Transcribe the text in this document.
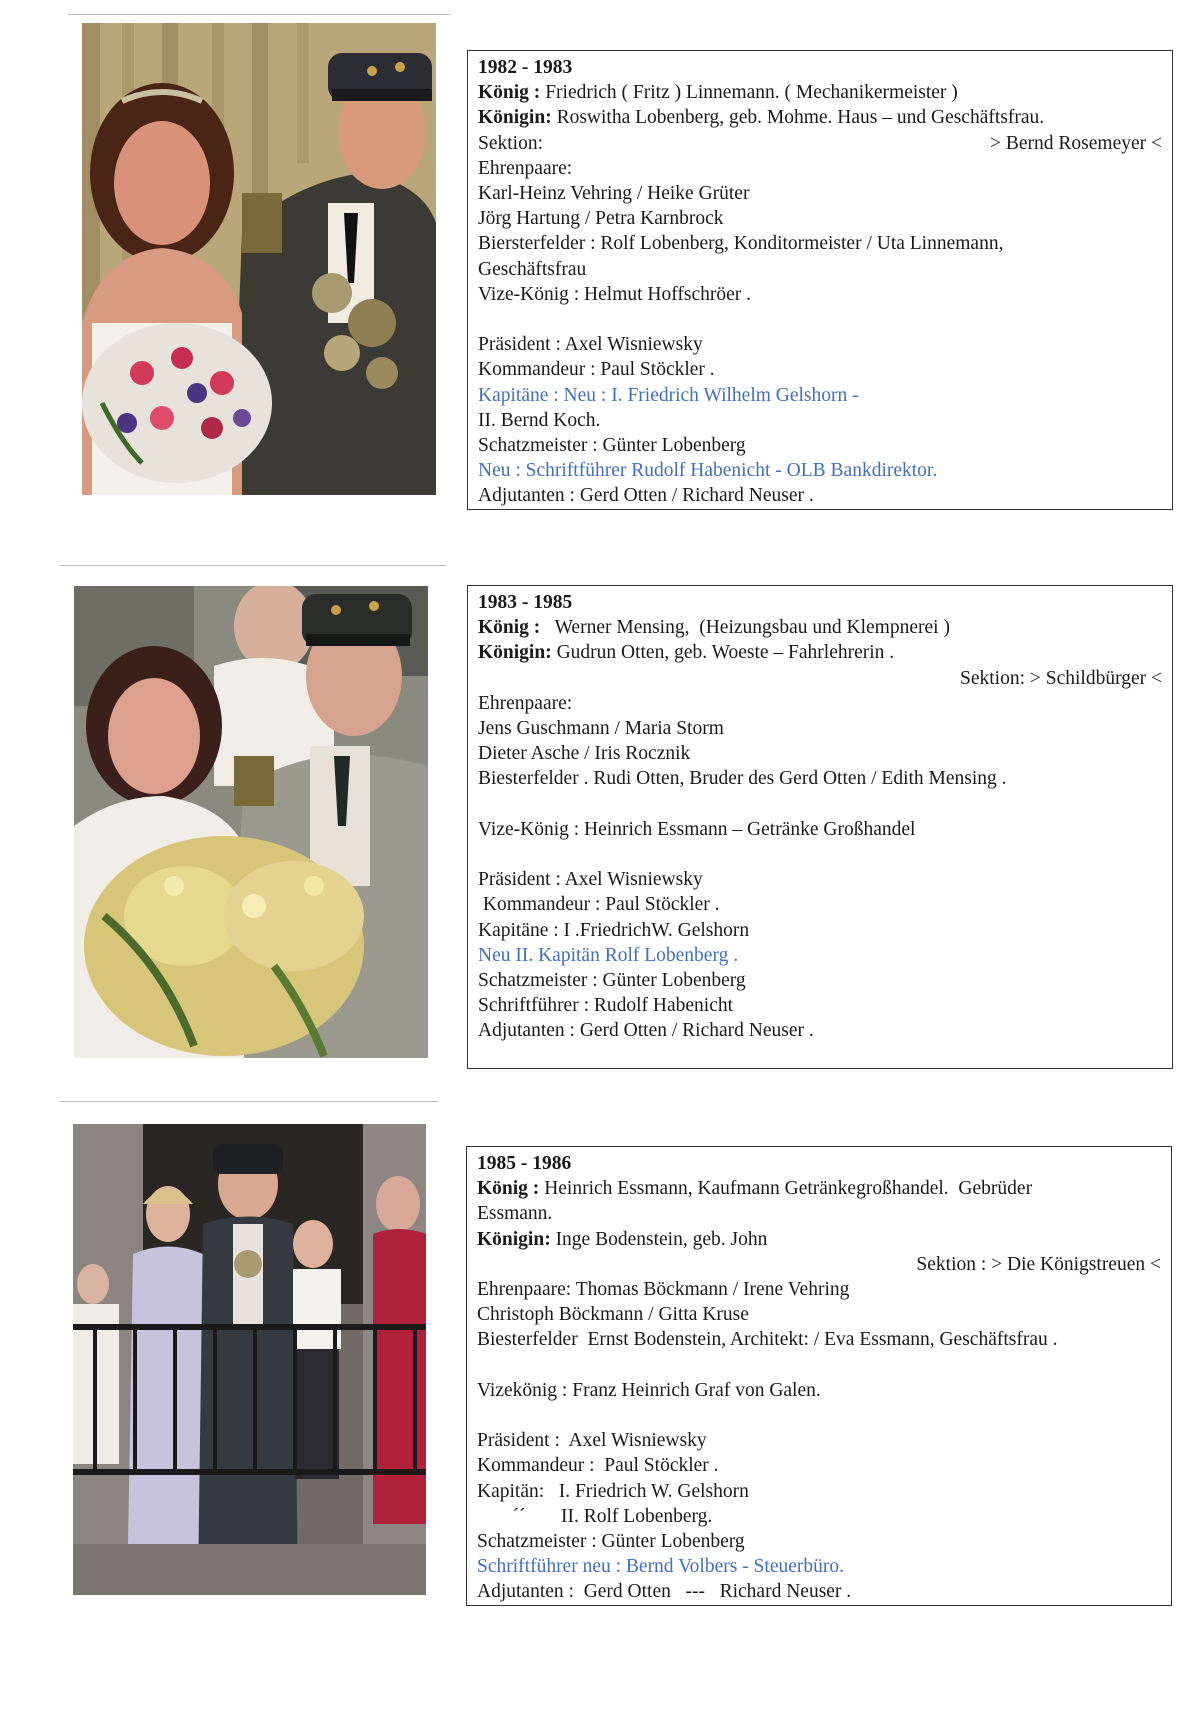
1982 - 1983
König : Friedrich ( Fritz ) Linnemann. ( Mechanikermeister )
Königin: Roswitha Lobenberg, geb. Mohme. Haus – und Geschäftsfrau.
Sektion:	> Bernd Rosemeyer <
Ehrenpaare:
Karl-Heinz Vehring / Heike Grüter
Jörg Hartung / Petra Karnbrock
Biersterfelder : Rolf Lobenberg, Konditormeister / Uta Linnemann,
Geschäftsfrau
Vize-König : Helmut Hoffschröer .
Präsident : Axel Wisniewsky
Kommandeur : Paul Stöckler .
Kapitäne : Neu : I. Friedrich Wilhelm Gelshorn -
II. Bernd Koch.
Schatzmeister : Günter Lobenberg
Neu : Schriftführer Rudolf Habenicht - OLB Bankdirektor.
Adjutanten : Gerd Otten / Richard Neuser .
1983 - 1985
König :   Werner Mensing,  (Heizungsbau und Klempnerei )
Königin: Gudrun Otten, geb. Woeste – Fahrlehrerin .
Sektion: > Schildbürger <
Ehrenpaare:
Jens Guschmann / Maria Storm
Dieter Asche / Iris Rocznik
Biesterfelder . Rudi Otten, Bruder des Gerd Otten / Edith Mensing .
Vize-König : Heinrich Essmann – Getränke Großhandel
Präsident : Axel Wisniewsky
Kommandeur : Paul Stöckler .
Kapitäne : I .FriedrichW. Gelshorn
Neu II. Kapitän Rolf Lobenberg .
Schatzmeister : Günter Lobenberg
Schriftführer : Rudolf Habenicht
Adjutanten : Gerd Otten / Richard Neuser .
1985 - 1986
König : Heinrich Essmann, Kaufmann Getränkegroßhandel.  Gebrüder
Essmann.
Königin: Inge Bodenstein, geb. John
Sektion : > Die Königstreuen <
Ehrenpaare: Thomas Böckmann / Irene Vehring
Christoph Böckmann / Gitta Kruse
Biesterfelder  Ernst Bodenstein, Architekt: / Eva Essmann, Geschäftsfrau .
Vizekönig : Franz Heinrich Graf von Galen.
Präsident :  Axel Wisniewsky
Kommandeur :  Paul Stöckler .
Kapitän:   I. Friedrich W. Gelshorn
´´ II. Rolf Lobenberg.
Schatzmeister : Günter Lobenberg
Schriftführer neu : Bernd Volbers - Steuerbüro.
Adjutanten :  Gerd Otten   ---   Richard Neuser .
